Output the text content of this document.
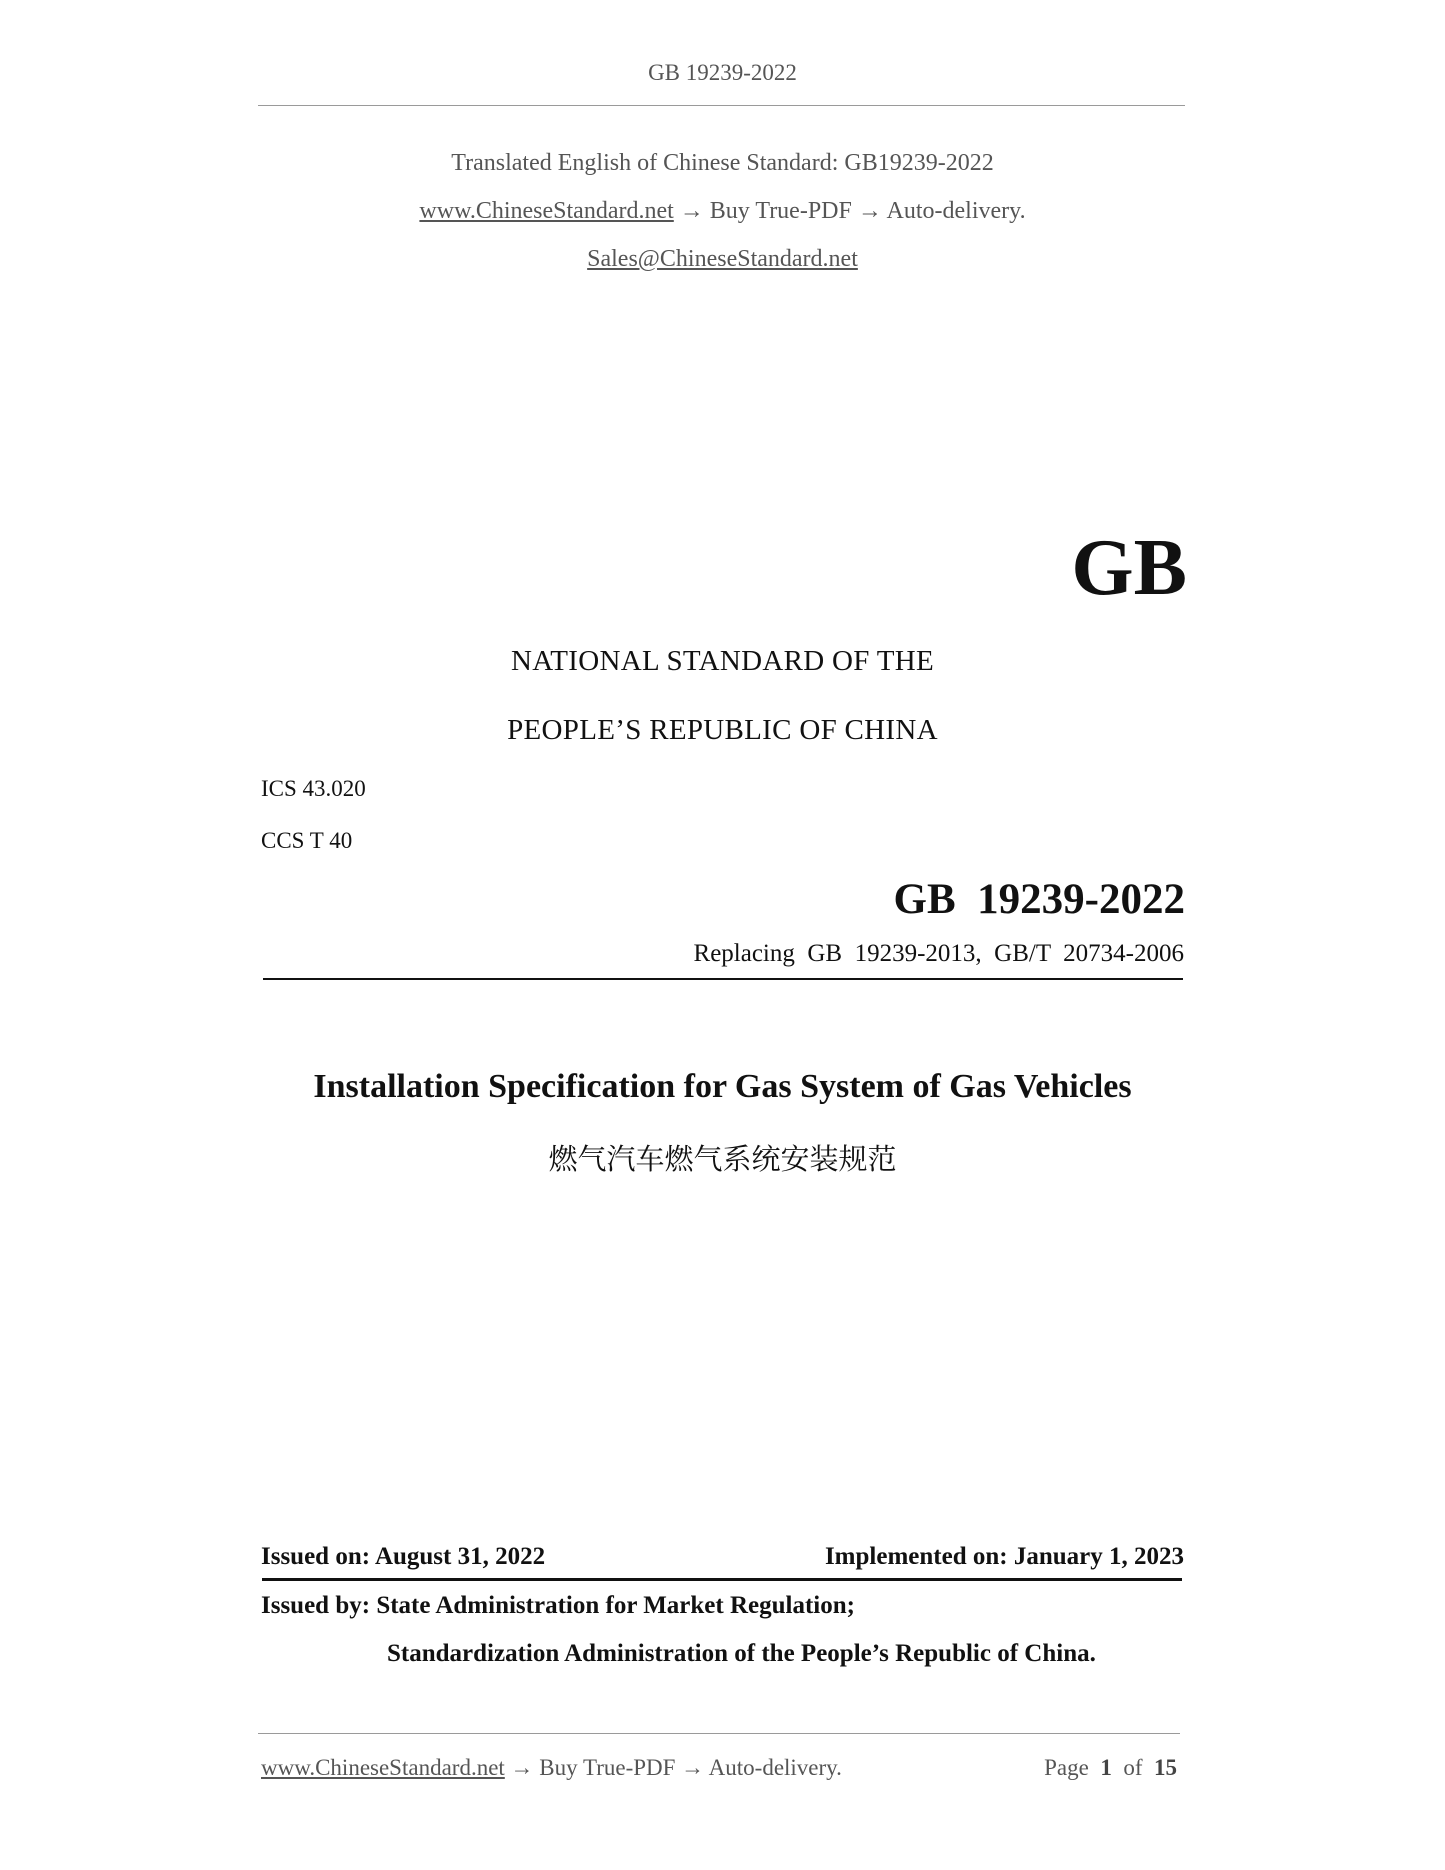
GB 19239-2022
Translated English of Chinese Standard: GB19239-2022
www.ChineseStandard.net → Buy True-PDF → Auto-delivery.
Sales@ChineseStandard.net
GB
NATIONAL STANDARD OF THE
PEOPLE’S REPUBLIC OF CHINA
ICS 43.020
CCS T 40
GB  19239-2022
Replacing  GB  19239-2013,  GB/T  20734-2006
Installation Specification for Gas System of Gas Vehicles
燃气汽车燃气系统安装规范
Issued on: August 31, 2022	Implemented on: January 1, 2023
Issued by: State Administration for Market Regulation;
Standardization Administration of the People’s Republic of China.
www.ChineseStandard.net → Buy True-PDF → Auto-delivery.	Page 1 of 15
